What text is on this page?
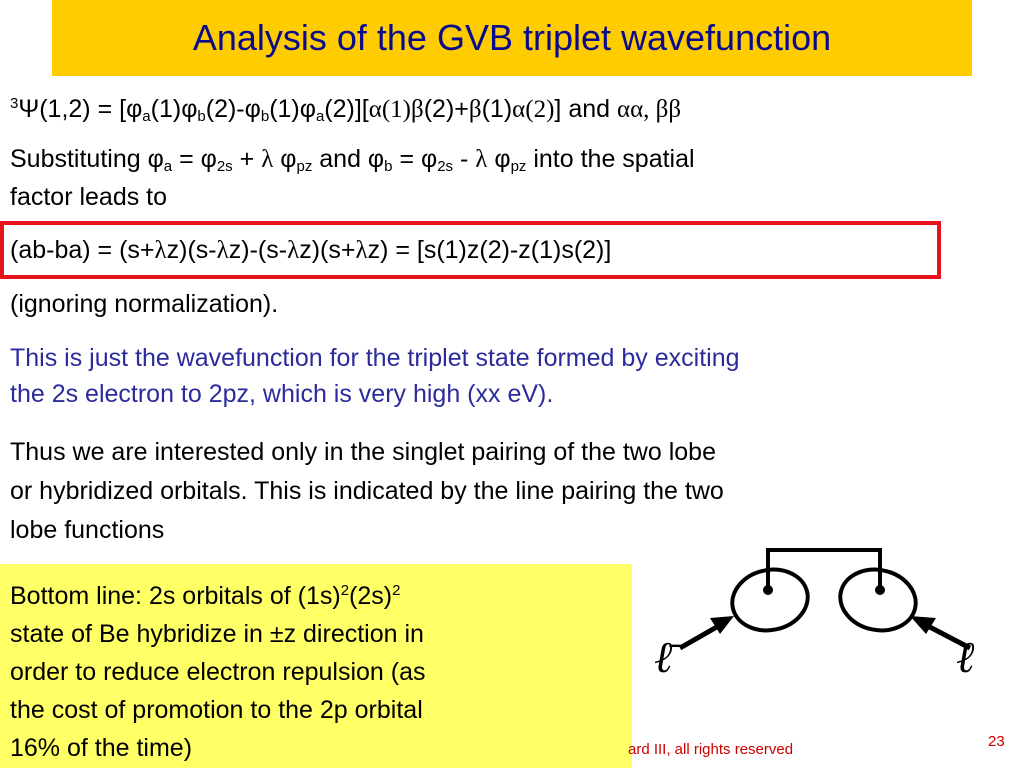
Analysis of the GVB triplet wavefunction
$^3\Psi(1,2) = [\varphi_a(1)\varphi_b(2)-\varphi_b(1)\varphi_a(2)][\alpha(1)\beta(2)+\beta(1)\alpha(2)]$ and αα, ββ
Substituting $\varphi_a = \varphi_{2s} + \lambda$ $\varphi_{pz}$ and $\varphi_b = \varphi_{2s} - \lambda$ $\varphi_{pz}$ into the spatial
factor leads to
(ab-ba) = (s+λz)(s-λz)-(s-λz)(s+λz) = [s(1)z(2)-z(1)s(2)]
(ignoring normalization).
This is just the wavefunction for the triplet state formed by exciting
the 2s electron to 2pz, which is very high (xx eV).
Thus we are interested only in the singlet pairing of the two lobe
or hybridized orbitals. This is indicated by the line pairing the two
lobe functions

Bottom line: 2s orbitals of $(1s)^2(2s)^2$
state of Be hybridize in ±z direction in
order to reduce electron repulsion (as
the cost of promotion to the 2p orbital
16% of the time)

ℓ̄	ℓ
ard III, all rights reserved	23
